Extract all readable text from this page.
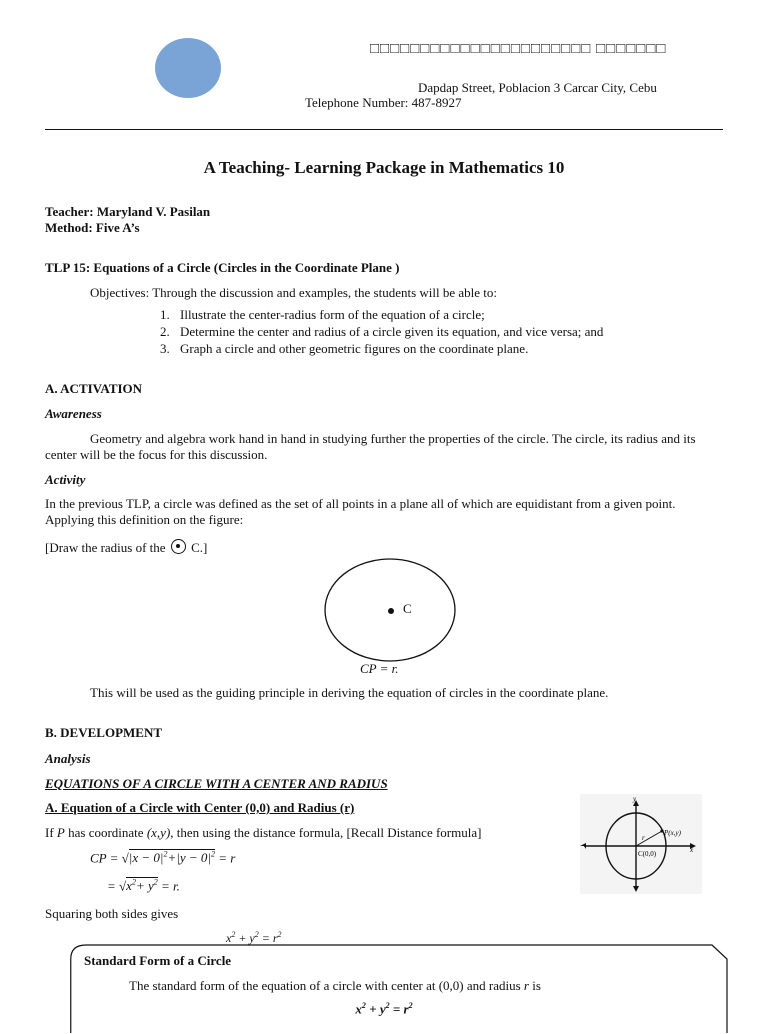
□□□□□□□□□□□□□□□□□□□□□□ □□□□□□□
Dapdap Street, Poblacion 3 Carcar City, Cebu
Telephone Number: 487-8927
A Teaching- Learning Package in Mathematics 10
Teacher: Maryland V. Pasilan
Method: Five A’s
TLP 15: Equations of a Circle (Circles in the Coordinate Plane )
Objectives: Through the discussion and examples, the students will be able to:
1. Illustrate the center-radius form of the equation of a circle;
2. Determine the center and radius of a circle given its equation, and vice versa; and
3. Graph a circle and other geometric figures on the coordinate plane.
A. ACTIVATION
Awareness
Geometry and algebra work hand in hand in studying further the properties of the circle. The circle, its radius and its center will be the focus for this discussion.
Activity
In the previous TLP, a circle was defined as the set of all points in a plane all of which are equidistant from a given point. Applying this definition on the figure:
[Draw the radius of the C.]
C
CP = r.
This will be used as the guiding principle in deriving the equation of circles in the coordinate plane.
B. DEVELOPMENT
Analysis
EQUATIONS OF A CIRCLE WITH A CENTER AND RADIUS
A. Equation of a Circle with Center (0,0) and Radius (r)
If P has coordinate (x,y), then using the distance formula, [Recall Distance formula]
CP = $√|x - 0|^2+|y - 0|^2 = r$
= $√x^2+ y^2 = r$.
Squaring both sides gives
$x^2 + y^2 = r^2$
y
x
r
P(x,y)
C(0,0)
Standard Form of a Circle
The standard form of the equation of a circle with center at (0,0) and radius r is
$x^2 + y^2 = r^2$
